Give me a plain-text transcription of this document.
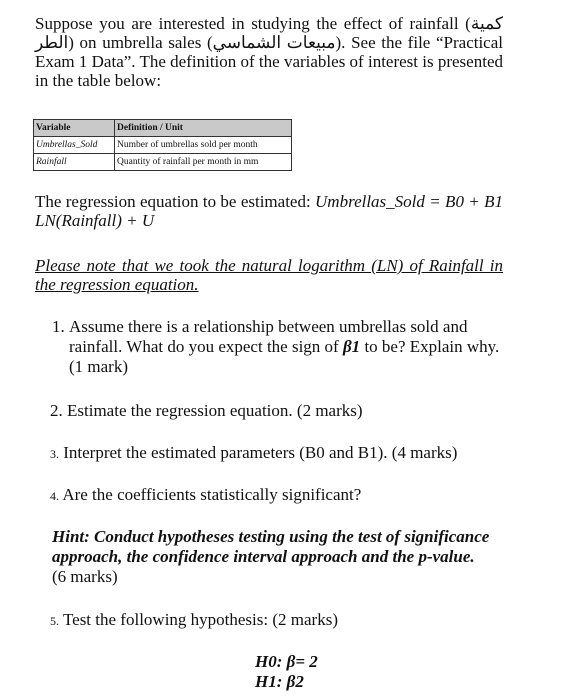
Suppose you are interested in studying the effect of rainfall (كمية الطر) on umbrella sales (مبيعات الشماسي). See the file “Practical Exam 1 Data”. The definition of the variables of interest is presented in the table below:

Variable	Definition / Unit
Umbrellas_Sold	Number of umbrellas sold per month
Rainfall	Quantity of rainfall per month in mm

The regression equation to be estimated: Umbrellas_Sold = B0 + B1 LN(Rainfall) + U

Please note that we took the natural logarithm (LN) of Rainfall in the regression equation.

1. Assume there is a relationship between umbrellas sold and rainfall. What do you expect the sign of β1 to be? Explain why. (1 mark)

2. Estimate the regression equation. (2 marks)

3. Interpret the estimated parameters (B0 and B1). (4 marks)

4. Are the coefficients statistically significant?

Hint: Conduct hypotheses testing using the test of significance approach, the confidence interval approach and the p-value. (6 marks)

5. Test the following hypothesis: (2 marks)

H0: β= 2

H1: β2
